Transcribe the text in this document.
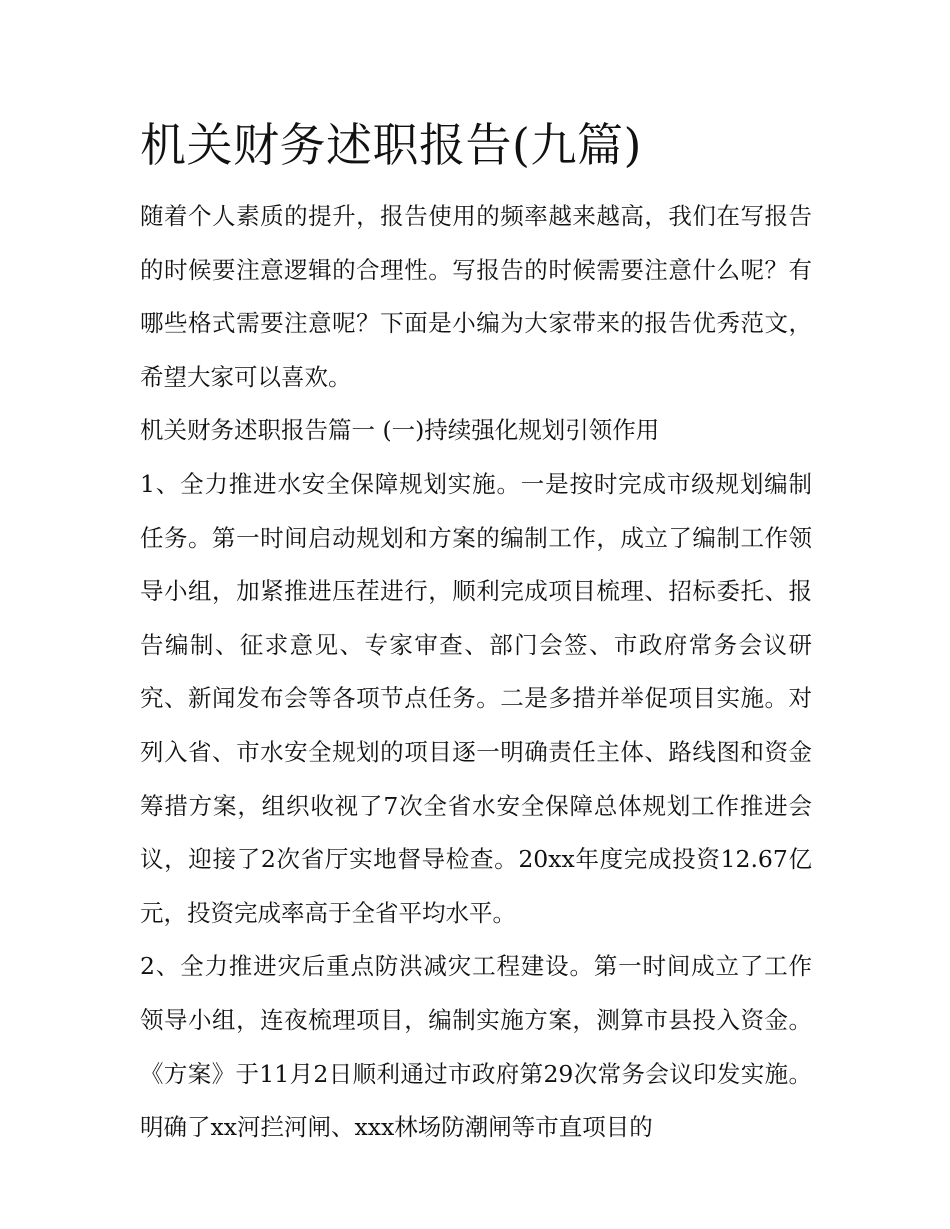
机关财务述职报告(九篇)

随着个人素质的提升，报告使用的频率越来越高，我们在写报告的时候要注意逻辑的合理性。写报告的时候需要注意什么呢？有哪些格式需要注意呢？下面是小编为大家带来的报告优秀范文，希望大家可以喜欢。

机关财务述职报告篇一 (一)持续强化规划引领作用

1、全力推进水安全保障规划实施。一是按时完成市级规划编制任务。第一时间启动规划和方案的编制工作，成立了编制工作领导小组，加紧推进压茬进行，顺利完成项目梳理、招标委托、报告编制、征求意见、专家审查、部门会签、市政府常务会议研究、新闻发布会等各项节点任务。二是多措并举促项目实施。对列入省、市水安全规划的项目逐一明确责任主体、路线图和资金筹措方案，组织收视了7次全省水安全保障总体规划工作推进会议，迎接了2次省厅实地督导检查。20xx年度完成投资12.67亿元，投资完成率高于全省平均水平。

2、全力推进灾后重点防洪减灾工程建设。第一时间成立了工作领导小组，连夜梳理项目，编制实施方案，测算市县投入资金。《方案》于11月2日顺利通过市政府第29次常务会议印发实施。明确了xx河拦河闸、xxx林场防潮闸等市直项目的
